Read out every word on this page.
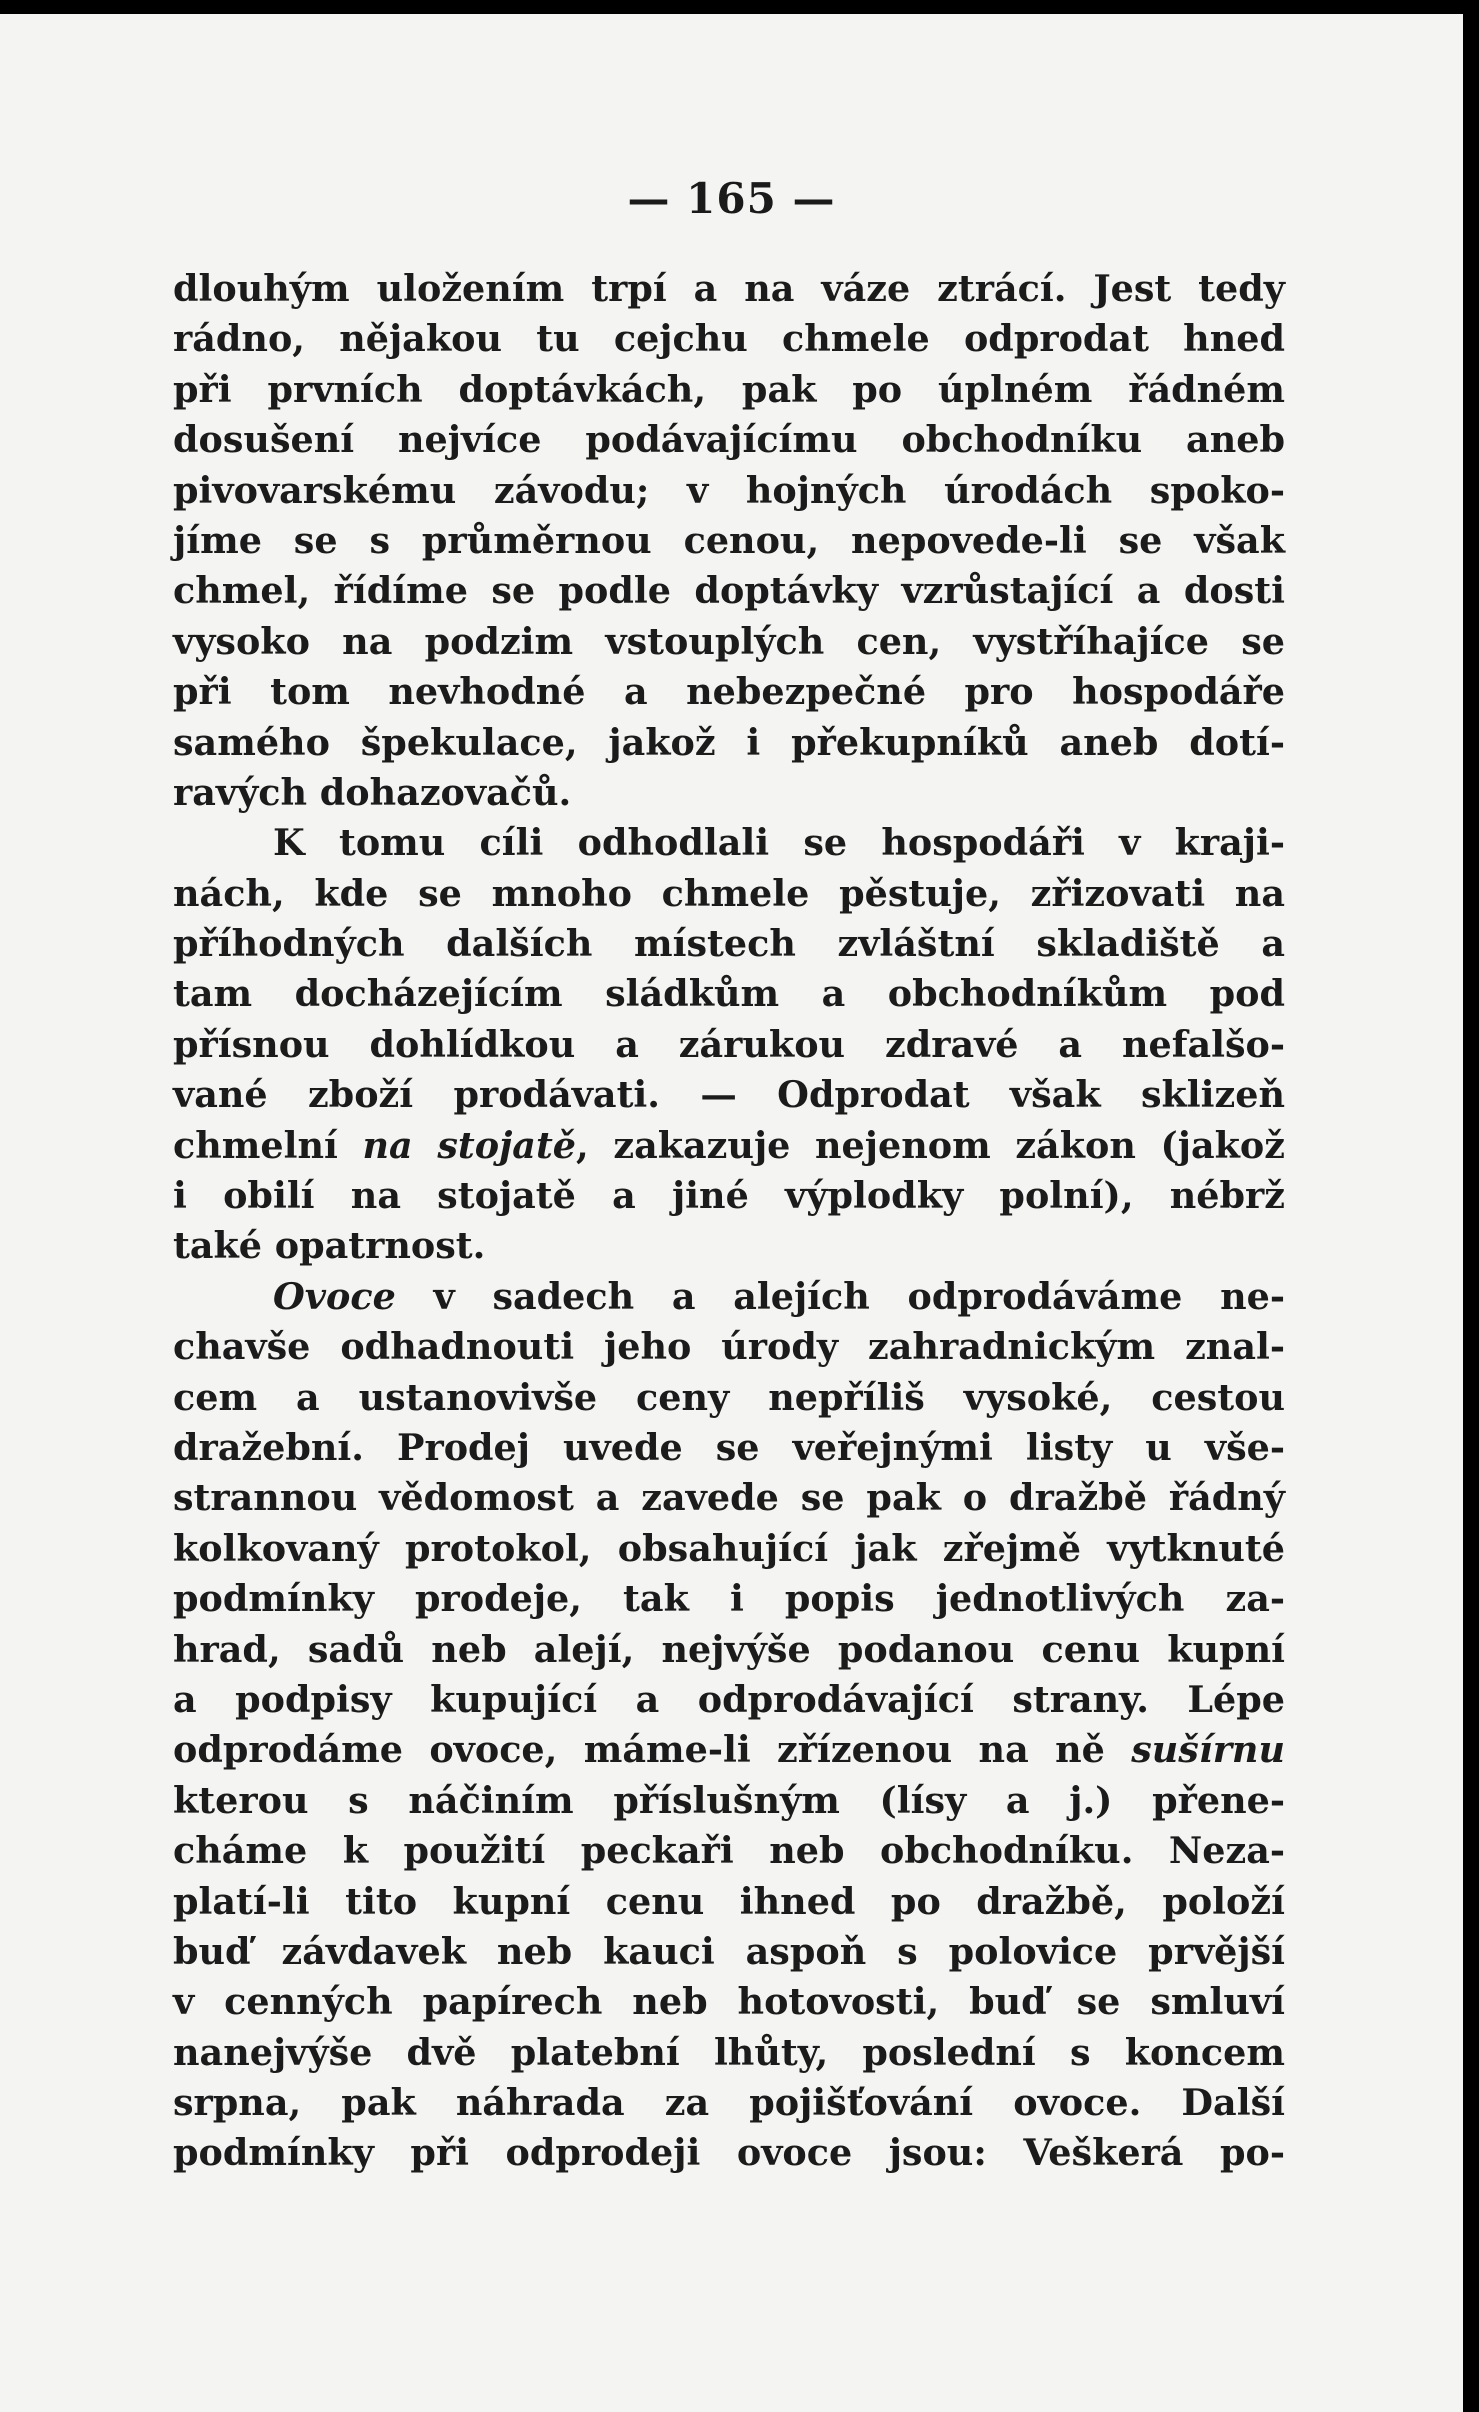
— 165 —
dlouhým uložením trpí a na váze ztrácí. Jest tedy
rádno, nějakou tu cejchu chmele odprodat hned
při prvních doptávkách, pak po úplném řádném
dosušení nejvíce podávajícímu obchodníku aneb
pivovarskému závodu; v hojných úrodách spoko-
jíme se s průměrnou cenou, nepovede-li se však
chmel, řídíme se podle doptávky vzrůstající a dosti
vysoko na podzim vstouplých cen, vystříhajíce se
při tom nevhodné a nebezpečné pro hospodáře
samého špekulace, jakož i překupníků aneb dotí-
ravých dohazovačů.
K tomu cíli odhodlali se hospodáři v kraji-
nách, kde se mnoho chmele pěstuje, zřizovati na
příhodných dalších místech zvláštní skladiště a
tam docházejícím sládkům a obchodníkům pod
přísnou dohlídkou a zárukou zdravé a nefalšo-
vané zboží prodávati. — Odprodat však sklizeň
chmelní na stojatě, zakazuje nejenom zákon (jakož
i obilí na stojatě a jiné výplodky polní), nébrž
také opatrnost.
Ovoce v sadech a alejích odprodáváme ne-
chavše odhadnouti jeho úrody zahradnickým znal-
cem a ustanovivše ceny nepříliš vysoké, cestou
dražební. Prodej uvede se veřejnými listy u vše-
strannou vědomost a zavede se pak o dražbě řádný
kolkovaný protokol, obsahující jak zřejmě vytknuté
podmínky prodeje, tak i popis jednotlivých za-
hrad, sadů neb alejí, nejvýše podanou cenu kupní
a podpisy kupující a odprodávající strany. Lépe
odprodáme ovoce, máme-li zřízenou na ně sušírnu
kterou s náčiním příslušným (lísy a j.) přene-
cháme k použití peckaři neb obchodníku. Neza-
platí-li tito kupní cenu ihned po dražbě, položí
buď závdavek neb kauci aspoň s polovice prvější
v cenných papírech neb hotovosti, buď se smluví
nanejvýše dvě platební lhůty, poslední s koncem
srpna, pak náhrada za pojišťování ovoce. Další
podmínky při odprodeji ovoce jsou: Veškerá po-
